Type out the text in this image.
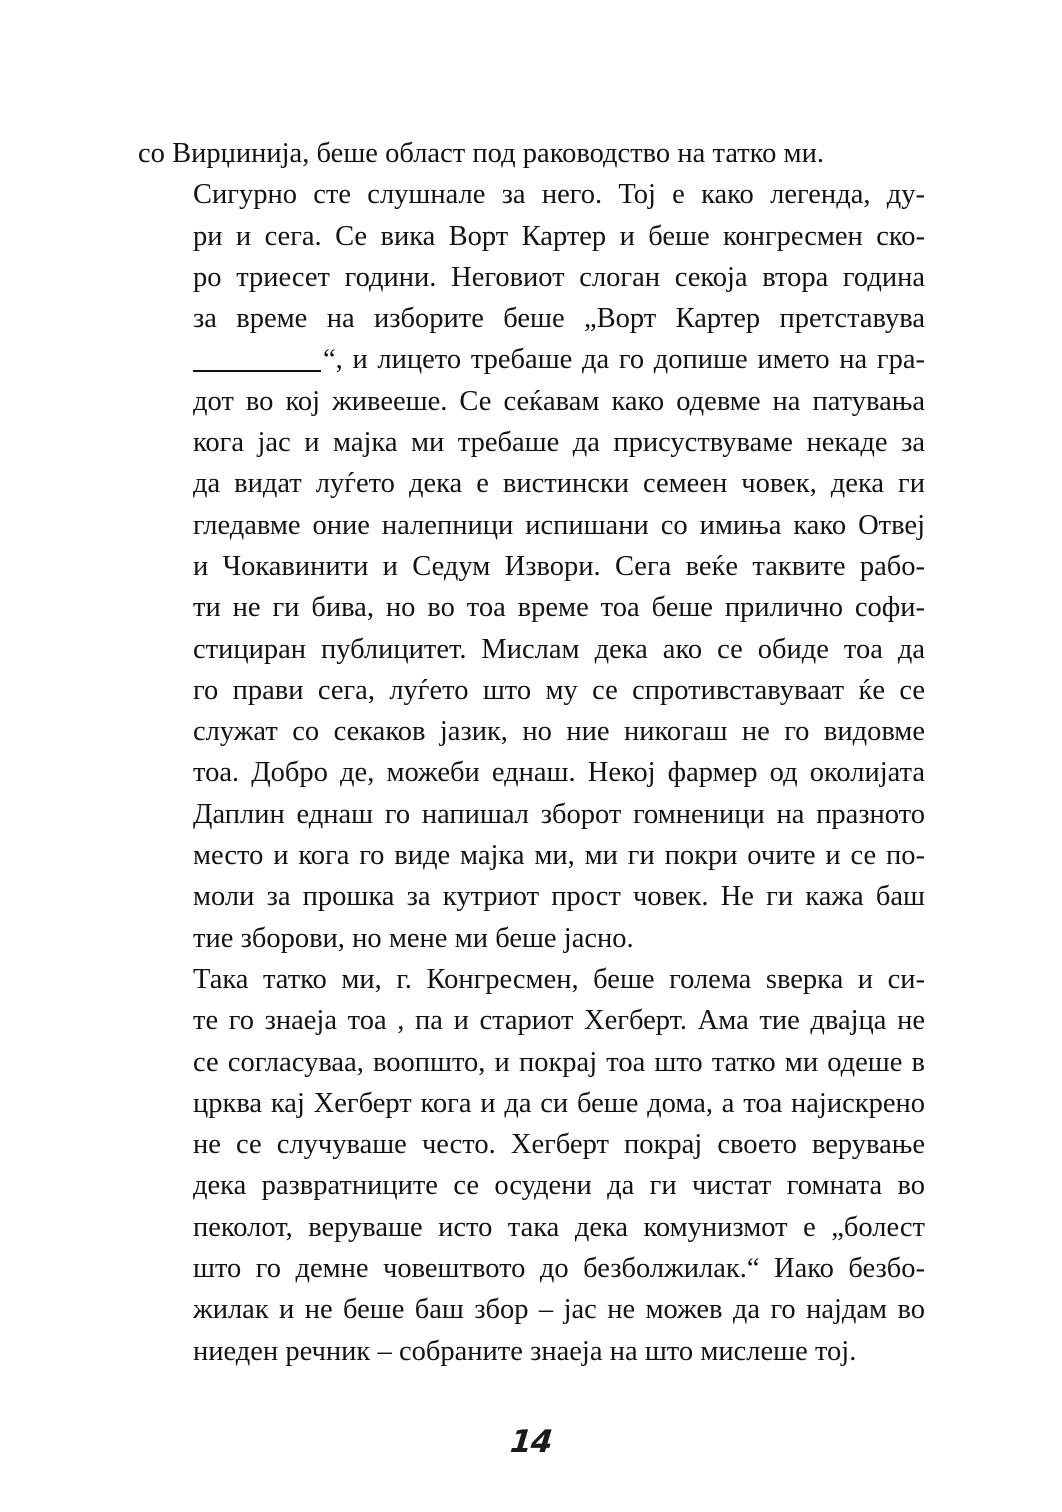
со Вирџинија, беше област под раководство на татко ми.

Сигурно сте слушнале за него. Тој е како легенда, ду-
ри и сега. Се вика Ворт Картер и беше конгресмен ско-
ро триесет години. Неговиот слоган секоја втора година
за време на изборите беше „Ворт Картер претставува
“, и лицето требаше да го допише името на гра-
дот во кој живееше. Се сеќавам како одевме на патувања
кога јас и мајка ми требаше да присуствуваме некаде за
да видат луѓето дека е вистински семеен човек, дека ги
гледавме оние налепници испишани со имиња како Отвеј
и Чокавинити и Седум Извори. Сега веќе таквите рабо-
ти не ги бива, но во тоа време тоа беше прилично софи-
стициран публицитет. Мислам дека ако се обиде тоа да
го прави сега, луѓето што му се спротивставуваат ќе се
служат со секаков јазик, но ние никогаш не го видовме
тоа. Добро де, можеби еднаш. Некој фармер од околијата
Даплин еднаш го напишал зборот гомненици на празното
место и кога го виде мајка ми, ми ги покри очите и се по-
моли за прошка за кутриот прост човек. Не ги кажа баш
тие зборови, но мене ми беше јасно.

Така татко ми, г. Конгресмен, беше голема ѕверка и си-
те го знаеја тоа , па и стариот Хегберт. Ама тие двајца не
се согласуваа, воопшто, и покрај тоа што татко ми одеше в
црква кај Хегберт кога и да си беше дома, а тоа најискрено
не се случуваше често. Хегберт покрај своето верување
дека развратниците се осудени да ги чистат гомната во
пеколот, веруваше исто така дека комунизмот е „болест
што го демне човештвото до безболжилак.“ Иако безбо-
жилак и не беше баш збор – јас не можев да го најдам во
ниеден речник – собраните знаеја на што мислеше тој.

14
